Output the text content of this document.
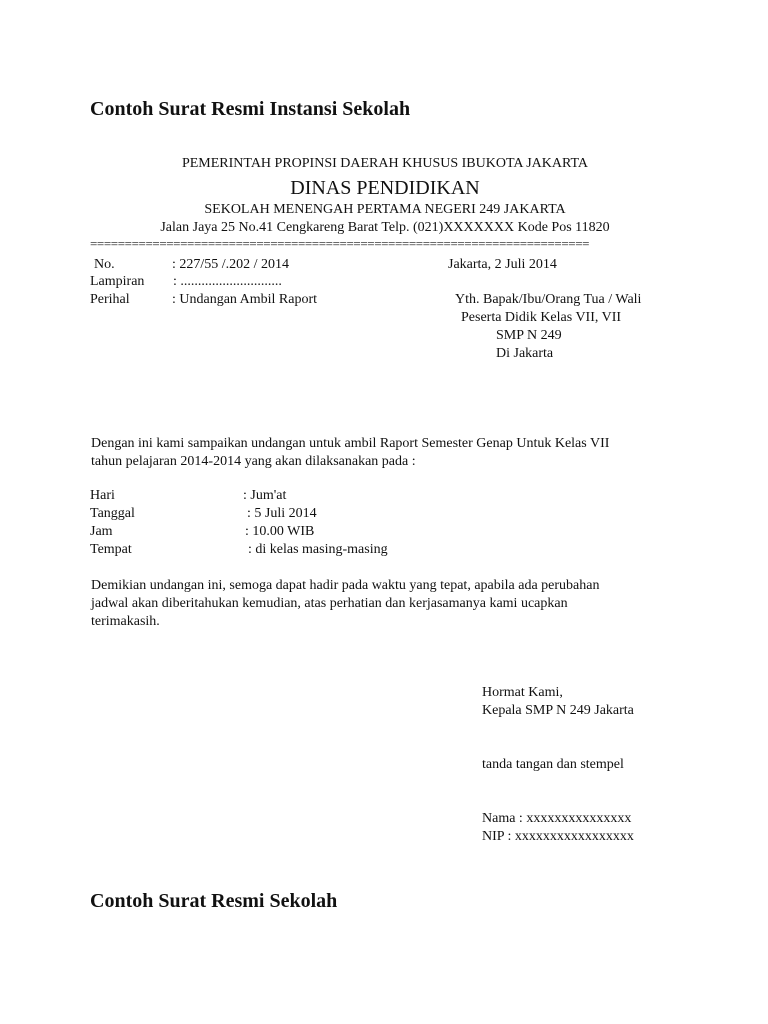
Contoh Surat Resmi Instansi Sekolah
PEMERINTAH PROPINSI DAERAH KHUSUS IBUKOTA JAKARTA
DINAS PENDIDIKAN
SEKOLAH MENENGAH PERTAMA NEGERI 249 JAKARTA
Jalan Jaya 25 No.41 Cengkareng Barat Telp. (021)XXXXXXX Kode Pos 11820
========================================================================
No.	: 227/55 /.202 / 2014	Jakarta, 2 Juli 2014
Lampiran : .............................
Perihal	: Undangan Ambil Raport	Yth. Bapak/Ibu/Orang Tua / Wali
Peserta Didik Kelas VII, VII
SMP N 249
Di Jakarta
Dengan ini kami sampaikan undangan untuk ambil Raport Semester Genap Untuk Kelas VII
tahun pelajaran 2014-2014 yang akan dilaksanakan pada :
Hari	: Jum'at
Tanggal	: 5 Juli 2014
Jam	: 10.00 WIB
Tempat	: di kelas masing-masing
Demikian undangan ini, semoga dapat hadir pada waktu yang tepat, apabila ada perubahan
jadwal akan diberitahukan kemudian, atas perhatian dan kerjasamanya kami ucapkan
terimakasih.
Hormat Kami,
Kepala SMP N 249 Jakarta
tanda tangan dan stempel
Nama : xxxxxxxxxxxxxxx
NIP : xxxxxxxxxxxxxxxxx
Contoh Surat Resmi Sekolah
